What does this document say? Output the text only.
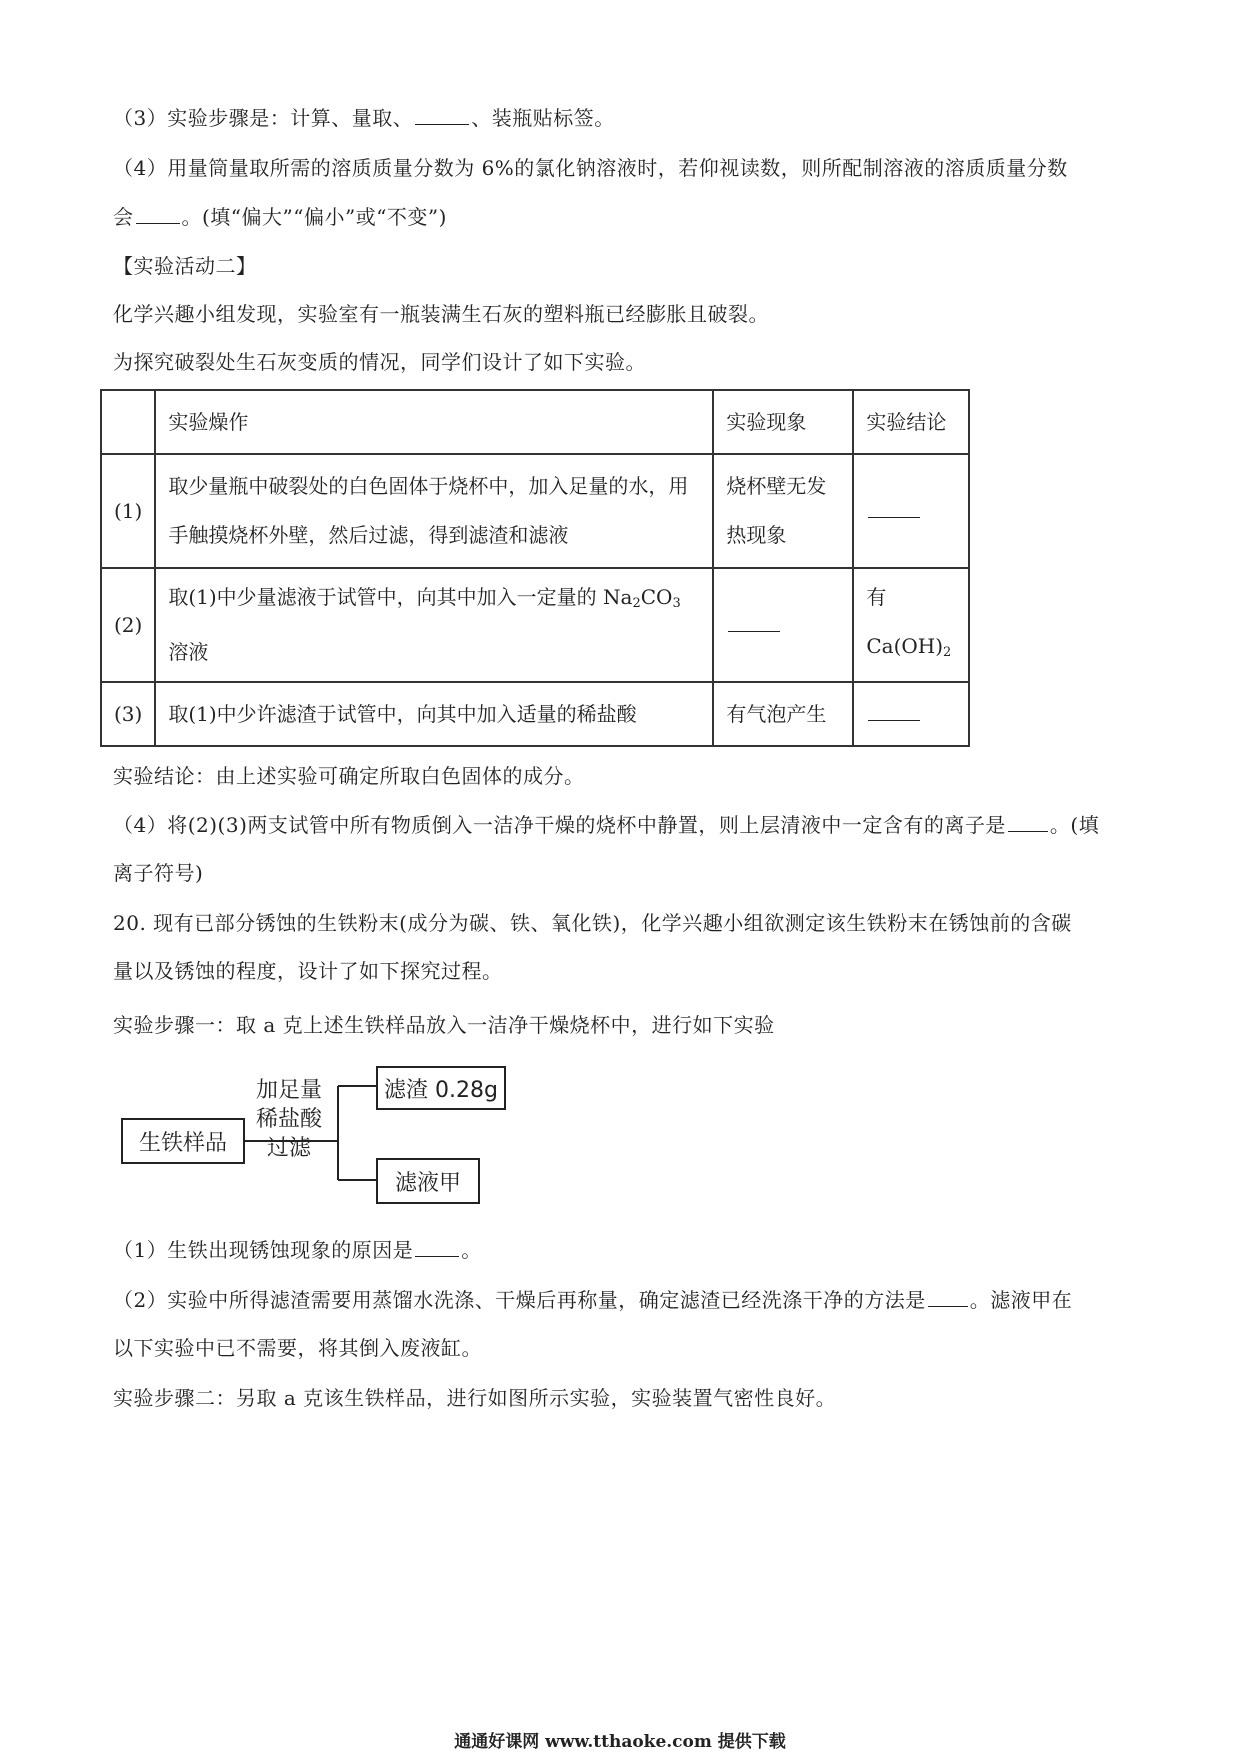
（3）实验步骤是：计算、量取、	、装瓶贴标签。
（4）用量筒量取所需的溶质质量分数为 6%的氯化钠溶液时，若仰视读数，则所配制溶液的溶质质量分数
会 。(填“偏大”“偏小”或“不变”)
【实验活动二】
化学兴趣小组发现，实验室有一瓶装满生石灰的塑料瓶已经膨胀且破裂。
为探究破裂处生石灰变质的情况，同学们设计了如下实验。
	实验燥作	实验现象	实验结论
(1)	取少量瓶中破裂处的白色固体于烧杯中，加入足量的水，用手触摸烧杯外壁，然后过滤，得到滤渣和滤液	烧杯壁无发热现象	
(2)	取(1)中少量滤液于试管中，向其中加入一定量的 $Na_2CO_3$
溶液		有
$Ca(OH)_2$
(3)	取(1)中少许滤渣于试管中，向其中加入适量的稀盐酸	有气泡产生	
实验结论：由上述实验可确定所取白色固体的成分。
（4）将(2)(3)两支试管中所有物质倒入一洁净干燥的烧杯中静置，则上层清液中一定含有的离子是 。(填
离子符号)
20. 现有已部分锈蚀的生铁粉末(成分为碳、铁、氧化铁)，化学兴趣小组欲测定该生铁粉末在锈蚀前的含碳
量以及锈蚀的程度，设计了如下探究过程。
实验步骤一：取 a 克上述生铁样品放入一洁净干燥烧杯中，进行如下实验
生铁样品
加足量
稀盐酸
过滤
滤渣 0.28g
滤液甲
（1）生铁出现锈蚀现象的原因是 。
（2）实验中所得滤渣需要用蒸馏水洗涤、干燥后再称量，确定滤渣已经洗涤干净的方法是 。滤液甲在
以下实验中已不需要，将其倒入废液缸。
实验步骤二：另取 a 克该生铁样品，进行如图所示实验，实验装置气密性良好。
通通好课网 www.tthaoke.com 提供下载
